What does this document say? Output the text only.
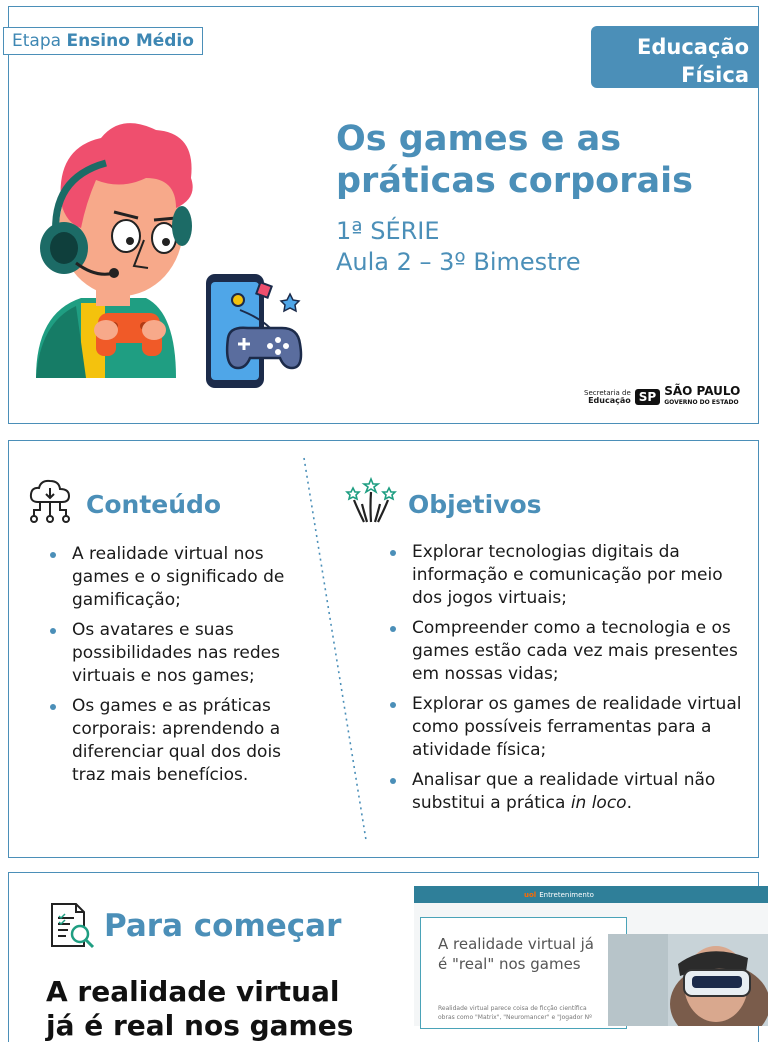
Etapa Ensino Médio	Educação
Física
Os games e as
práticas corporais
1ª SÉRIE
Aula 2 – 3º Bimestre
Secretaria de
Educação SP SÃO PAULO
GOVERNO DO ESTADO
Conteúdo
A realidade virtual nos games e o significado de gamificação;
Os avatares e suas possibilidades nas redes virtuais e nos games;
Os games e as práticas corporais: aprendendo a diferenciar qual dos dois traz mais benefícios.
Objetivos
Explorar tecnologias digitais da informação e comunicação por meio dos jogos virtuais;
Compreender como a tecnologia e os games estão cada vez mais presentes em nossas vidas;
Explorar os games de realidade virtual como possíveis ferramentas para a atividade física;
Analisar que a realidade virtual não substitui a prática in loco.
Para começar
A realidade virtual
já é real nos games
uol Entretenimento
A realidade virtual já
é "real" nos games
Realidade virtual parece coisa de ficção científica obras como "Matrix", "Neuromancer" e "Jogador Nº
